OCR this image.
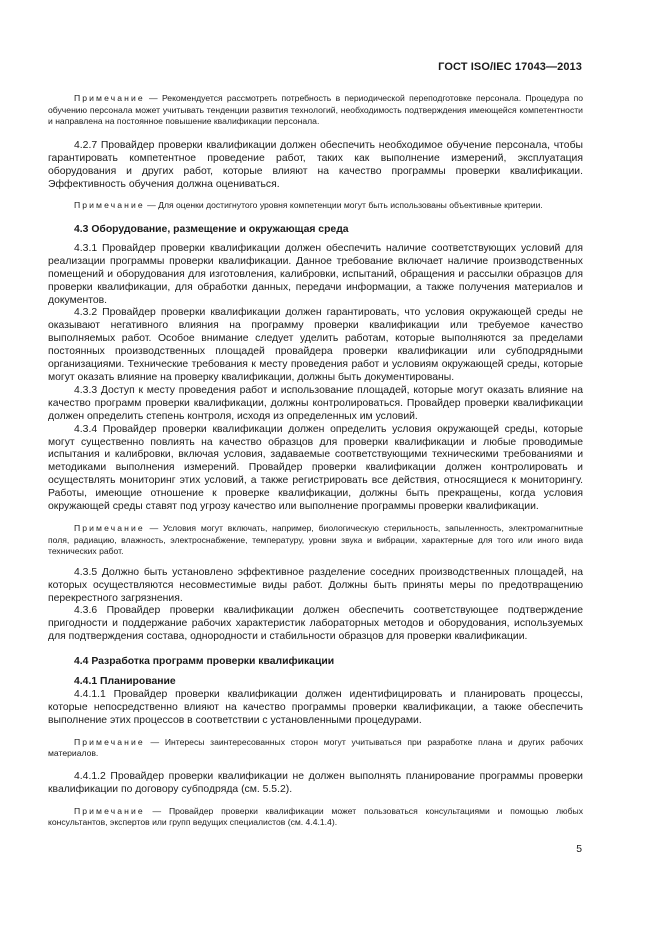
ГОСТ ISO/IEC 17043—2013

Примечание — Рекомендуется рассмотреть потребность в периодической переподготовке персонала. Процедура по обучению персонала может учитывать тенденции развития технологий, необходимость подтверждения имеющейся компетентности и направлена на постоянное повышение квалификации персонала.

4.2.7 Провайдер проверки квалификации должен обеспечить необходимое обучение персонала, чтобы гарантировать компетентное проведение работ, таких как выполнение измерений, эксплуатация оборудования и других работ, которые влияют на качество программы проверки квалификации. Эффективность обучения должна оцениваться.

Примечание — Для оценки достигнутого уровня компетенции могут быть использованы объективные критерии.

4.3 Оборудование, размещение и окружающая среда

4.3.1 Провайдер проверки квалификации должен обеспечить наличие соответствующих условий для реализации программы проверки квалификации. Данное требование включает наличие производственных помещений и оборудования для изготовления, калибровки, испытаний, обращения и рассылки образцов для проверки квалификации, для обработки данных, передачи информации, а также получения материалов и документов.

4.3.2 Провайдер проверки квалификации должен гарантировать, что условия окружающей среды не оказывают негативного влияния на программу проверки квалификации или требуемое качество выполняемых работ. Особое внимание следует уделить работам, которые выполняются за пределами постоянных производственных площадей провайдера проверки квалификации или субподрядными организациями. Технические требования к месту проведения работ и условиям окружающей среды, которые могут оказать влияние на проверку квалификации, должны быть документированы.

4.3.3 Доступ к месту проведения работ и использование площадей, которые могут оказать влияние на качество программ проверки квалификации, должны контролироваться. Провайдер проверки квалификации должен определить степень контроля, исходя из определенных им условий.

4.3.4 Провайдер проверки квалификации должен определить условия окружающей среды, которые могут существенно повлиять на качество образцов для проверки квалификации и любые проводимые испытания и калибровки, включая условия, задаваемые соответствующими техническими требованиями и методиками выполнения измерений. Провайдер проверки квалификации должен контролировать и осуществлять мониторинг этих условий, а также регистрировать все действия, относящиеся к мониторингу. Работы, имеющие отношение к проверке квалификации, должны быть прекращены, когда условия окружающей среды ставят под угрозу качество или выполнение программы проверки квалификации.

Примечание — Условия могут включать, например, биологическую стерильность, запыленность, электромагнитные поля, радиацию, влажность, электроснабжение, температуру, уровни звука и вибрации, характерные для того или иного вида технических работ.

4.3.5 Должно быть установлено эффективное разделение соседних производственных площадей, на которых осуществляются несовместимые виды работ. Должны быть приняты меры по предотвращению перекрестного загрязнения.

4.3.6 Провайдер проверки квалификации должен обеспечить соответствующее подтверждение пригодности и поддержание рабочих характеристик лабораторных методов и оборудования, используемых для подтверждения состава, однородности и стабильности образцов для проверки квалификации.

4.4 Разработка программ проверки квалификации
4.4.1 Планирование

4.4.1.1 Провайдер проверки квалификации должен идентифицировать и планировать процессы, которые непосредственно влияют на качество программы проверки квалификации, а также обеспечить выполнение этих процессов в соответствии с установленными процедурами.

Примечание — Интересы заинтересованных сторон могут учитываться при разработке плана и других рабочих материалов.

4.4.1.2 Провайдер проверки квалификации не должен выполнять планирование программы проверки квалификации по договору субподряда (см. 5.5.2).

Примечание — Провайдер проверки квалификации может пользоваться консультациями и помощью любых консультантов, экспертов или групп ведущих специалистов (см. 4.4.1.4).

5
